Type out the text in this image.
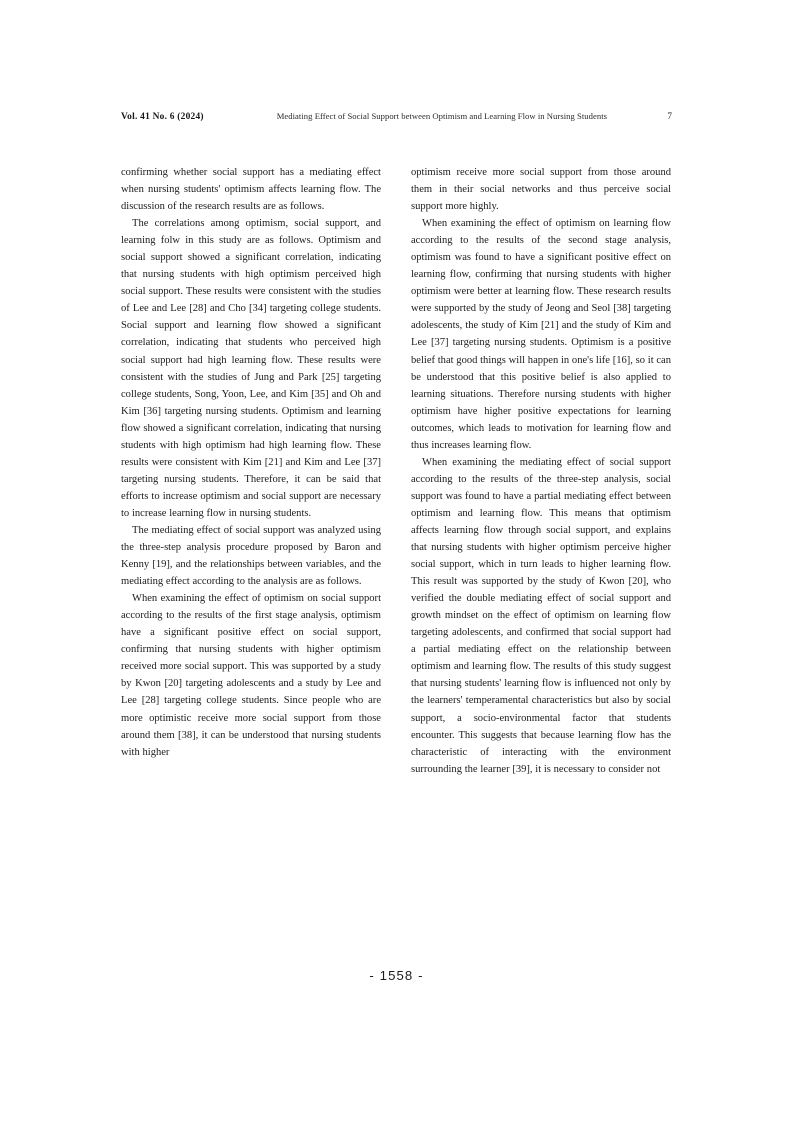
Vol. 41 No. 6 (2024)	Mediating Effect of Social Support between Optimism and Learning Flow in Nursing Students	7

confirming whether social support has a mediating effect when nursing students' optimism affects learning flow. The discussion of the research results are as follows.

The correlations among optimism, social support, and learning folw in this study are as follows. Optimism and social support showed a significant correlation, indicating that nursing students with high optimism perceived high social support. These results were consistent with the studies of Lee and Lee [28] and Cho [34] targeting college students. Social support and learning flow showed a significant correlation, indicating that students who perceived high social support had high learning flow. These results were consistent with the studies of Jung and Park [25] targeting college students, Song, Yoon, Lee, and Kim [35] and Oh and Kim [36] targeting nursing students. Optimism and learning flow showed a significant correlation, indicating that nursing students with high optimism had high learning flow. These results were consistent with Kim [21] and Kim and Lee [37] targeting nursing students. Therefore, it can be said that efforts to increase optimism and social support are necessary to increase learning flow in nursing students.

The mediating effect of social support was analyzed using the three-step analysis procedure proposed by Baron and Kenny [19], and the relationships between variables, and the mediating effect according to the analysis are as follows.

When examining the effect of optimism on social support according to the results of the first stage analysis, optimism have a significant positive effect on social support, confirming that nursing students with higher optimism received more social support. This was supported by a study by Kwon [20] targeting adolescents and a study by Lee and Lee [28] targeting college students. Since people who are more optimistic receive more social support from those around them [38], it can be understood that nursing students with higher

optimism receive more social support from those around them in their social networks and thus perceive social support more highly.

When examining the effect of optimism on learning flow according to the results of the second stage analysis, optimism was found to have a significant positive effect on learning flow, confirming that nursing students with higher optimism were better at learning flow. These research results were supported by the study of Jeong and Seol [38] targeting adolescents, the study of Kim [21] and the study of Kim and Lee [37] targeting nursing students. Optimism is a positive belief that good things will happen in one's life [16], so it can be understood that this positive belief is also applied to learning situations. Therefore nursing students with higher optimism have higher positive expectations for learning outcomes, which leads to motivation for learning flow and thus increases learning flow.

When examining the mediating effect of social support according to the results of the three-step analysis, social support was found to have a partial mediating effect between optimism and learning flow. This means that optimism affects learning flow through social support, and explains that nursing students with higher optimism perceive higher social support, which in turn leads to higher learning flow. This result was supported by the study of Kwon [20], who verified the double mediating effect of social support and growth mindset on the effect of optimism on learning flow targeting adolescents, and confirmed that social support had a partial mediating effect on the relationship between optimism and learning flow. The results of this study suggest that nursing students' learning flow is influenced not only by the learners' temperamental characteristics but also by social support, a socio-environmental factor that students encounter. This suggests that because learning flow has the characteristic of interacting with the environment surrounding the learner [39], it is necessary to consider not

- 1558 -
